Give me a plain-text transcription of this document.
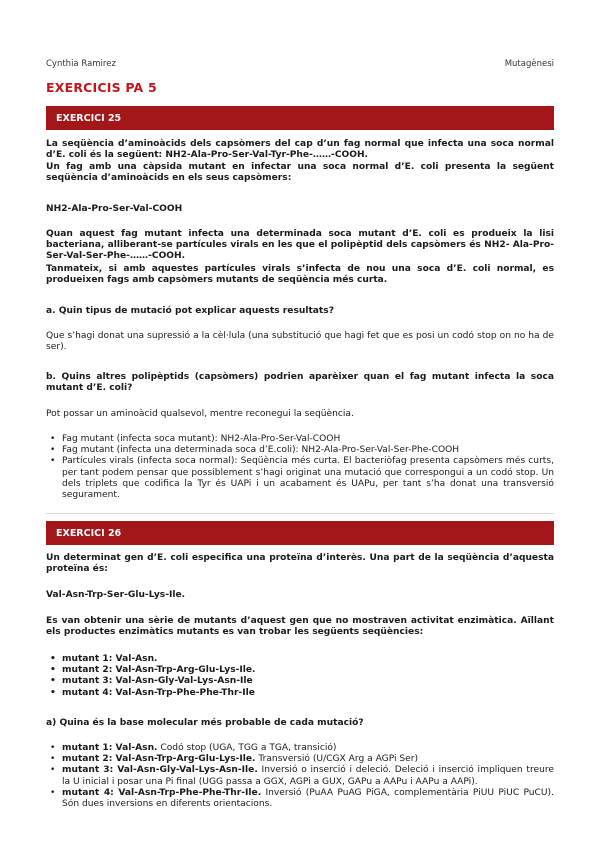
Cynthia Ramirez	Mutagènesi
EXERCICIS PA 5
EXERCICI 25
La seqüència d’aminoàcids dels capsòmers del cap d’un fag normal que infecta una soca normal d’E. coli és la següent: NH2-Ala-Pro-Ser-Val-Tyr-Phe-……-COOH.
Un fag amb una càpsida mutant en infectar una soca normal d’E. coli presenta la següent seqüència d’aminoàcids en els seus capsòmers:
NH2-Ala-Pro-Ser-Val-COOH
Quan aquest fag mutant infecta una determinada soca mutant d’E. coli es produeix la lisi bacteriana, alliberant-se partícules virals en les que el polipèptid dels capsòmers és NH2- Ala-Pro-Ser-Val-Ser-Phe-……-COOH.
Tanmateix, si amb aquestes partícules virals s’infecta de nou una soca d’E. coli normal, es produeixen fags amb capsòmers mutants de seqüència més curta.
a. Quin tipus de mutació pot explicar aquests resultats?
Que s’hagi donat una supressió a la cèl·lula (una substitució que hagi fet que es posi un codó stop on no ha de ser).
b. Quins altres polipèptids (capsòmers) podrien aparèixer quan el fag mutant infecta la soca mutant d’E. coli?
Pot possar un aminoàcid qualsevol, mentre reconegui la seqüència.
• Fag mutant (infecta soca mutant): NH2-Ala-Pro-Ser-Val-COOH
• Fag mutant (infecta una determinada soca d’E.coli): NH2-Ala-Pro-Ser-Val-Ser-Phe-COOH
• Partícules virals (infecta soca normal): Seqüència més curta. El bacteriòfag presenta capsòmers més curts, per tant podem pensar que possiblement s’hagi originat una mutació que correspongui a un codó stop. Un dels triplets que codifica la Tyr és UAPi i un acabament és UAPu, per tant s’ha donat una transversió segurament.
EXERCICI 26
Un determinat gen d’E. coli especifica una proteïna d’interès. Una part de la seqüència d’aquesta proteïna és:
Val-Asn-Trp-Ser-Glu-Lys-Ile.
Es van obtenir una sèrie de mutants d’aquest gen que no mostraven activitat enzimàtica. Aïllant els productes enzimàtics mutants es van trobar les següents seqüències:
• mutant 1: Val-Asn.
• mutant 2: Val-Asn-Trp-Arg-Glu-Lys-Ile.
• mutant 3: Val-Asn-Gly-Val-Lys-Asn-Ile
• mutant 4: Val-Asn-Trp-Phe-Phe-Thr-Ile
a) Quina és la base molecular més probable de cada mutació?
• mutant 1: Val-Asn. Codó stop (UGA, TGG a TGA, transició)
• mutant 2: Val-Asn-Trp-Arg-Glu-Lys-Ile. Transversió (U/CGX Arg a AGPi Ser)
• mutant 3: Val-Asn-Gly-Val-Lys-Asn-Ile. Inversió o inserció i deleció. Deleció i inserció impliquen treure la U inicial i posar una Pi final (UGG passa a GGX, AGPi a GUX, GAPu a AAPu i AAPu a AAPi).
• mutant 4: Val-Asn-Trp-Phe-Phe-Thr-Ile. Inversió (PuAA PuAG PiGA, complementària PiUU PiUC PuCU). Són dues inversions en diferents orientacions.
